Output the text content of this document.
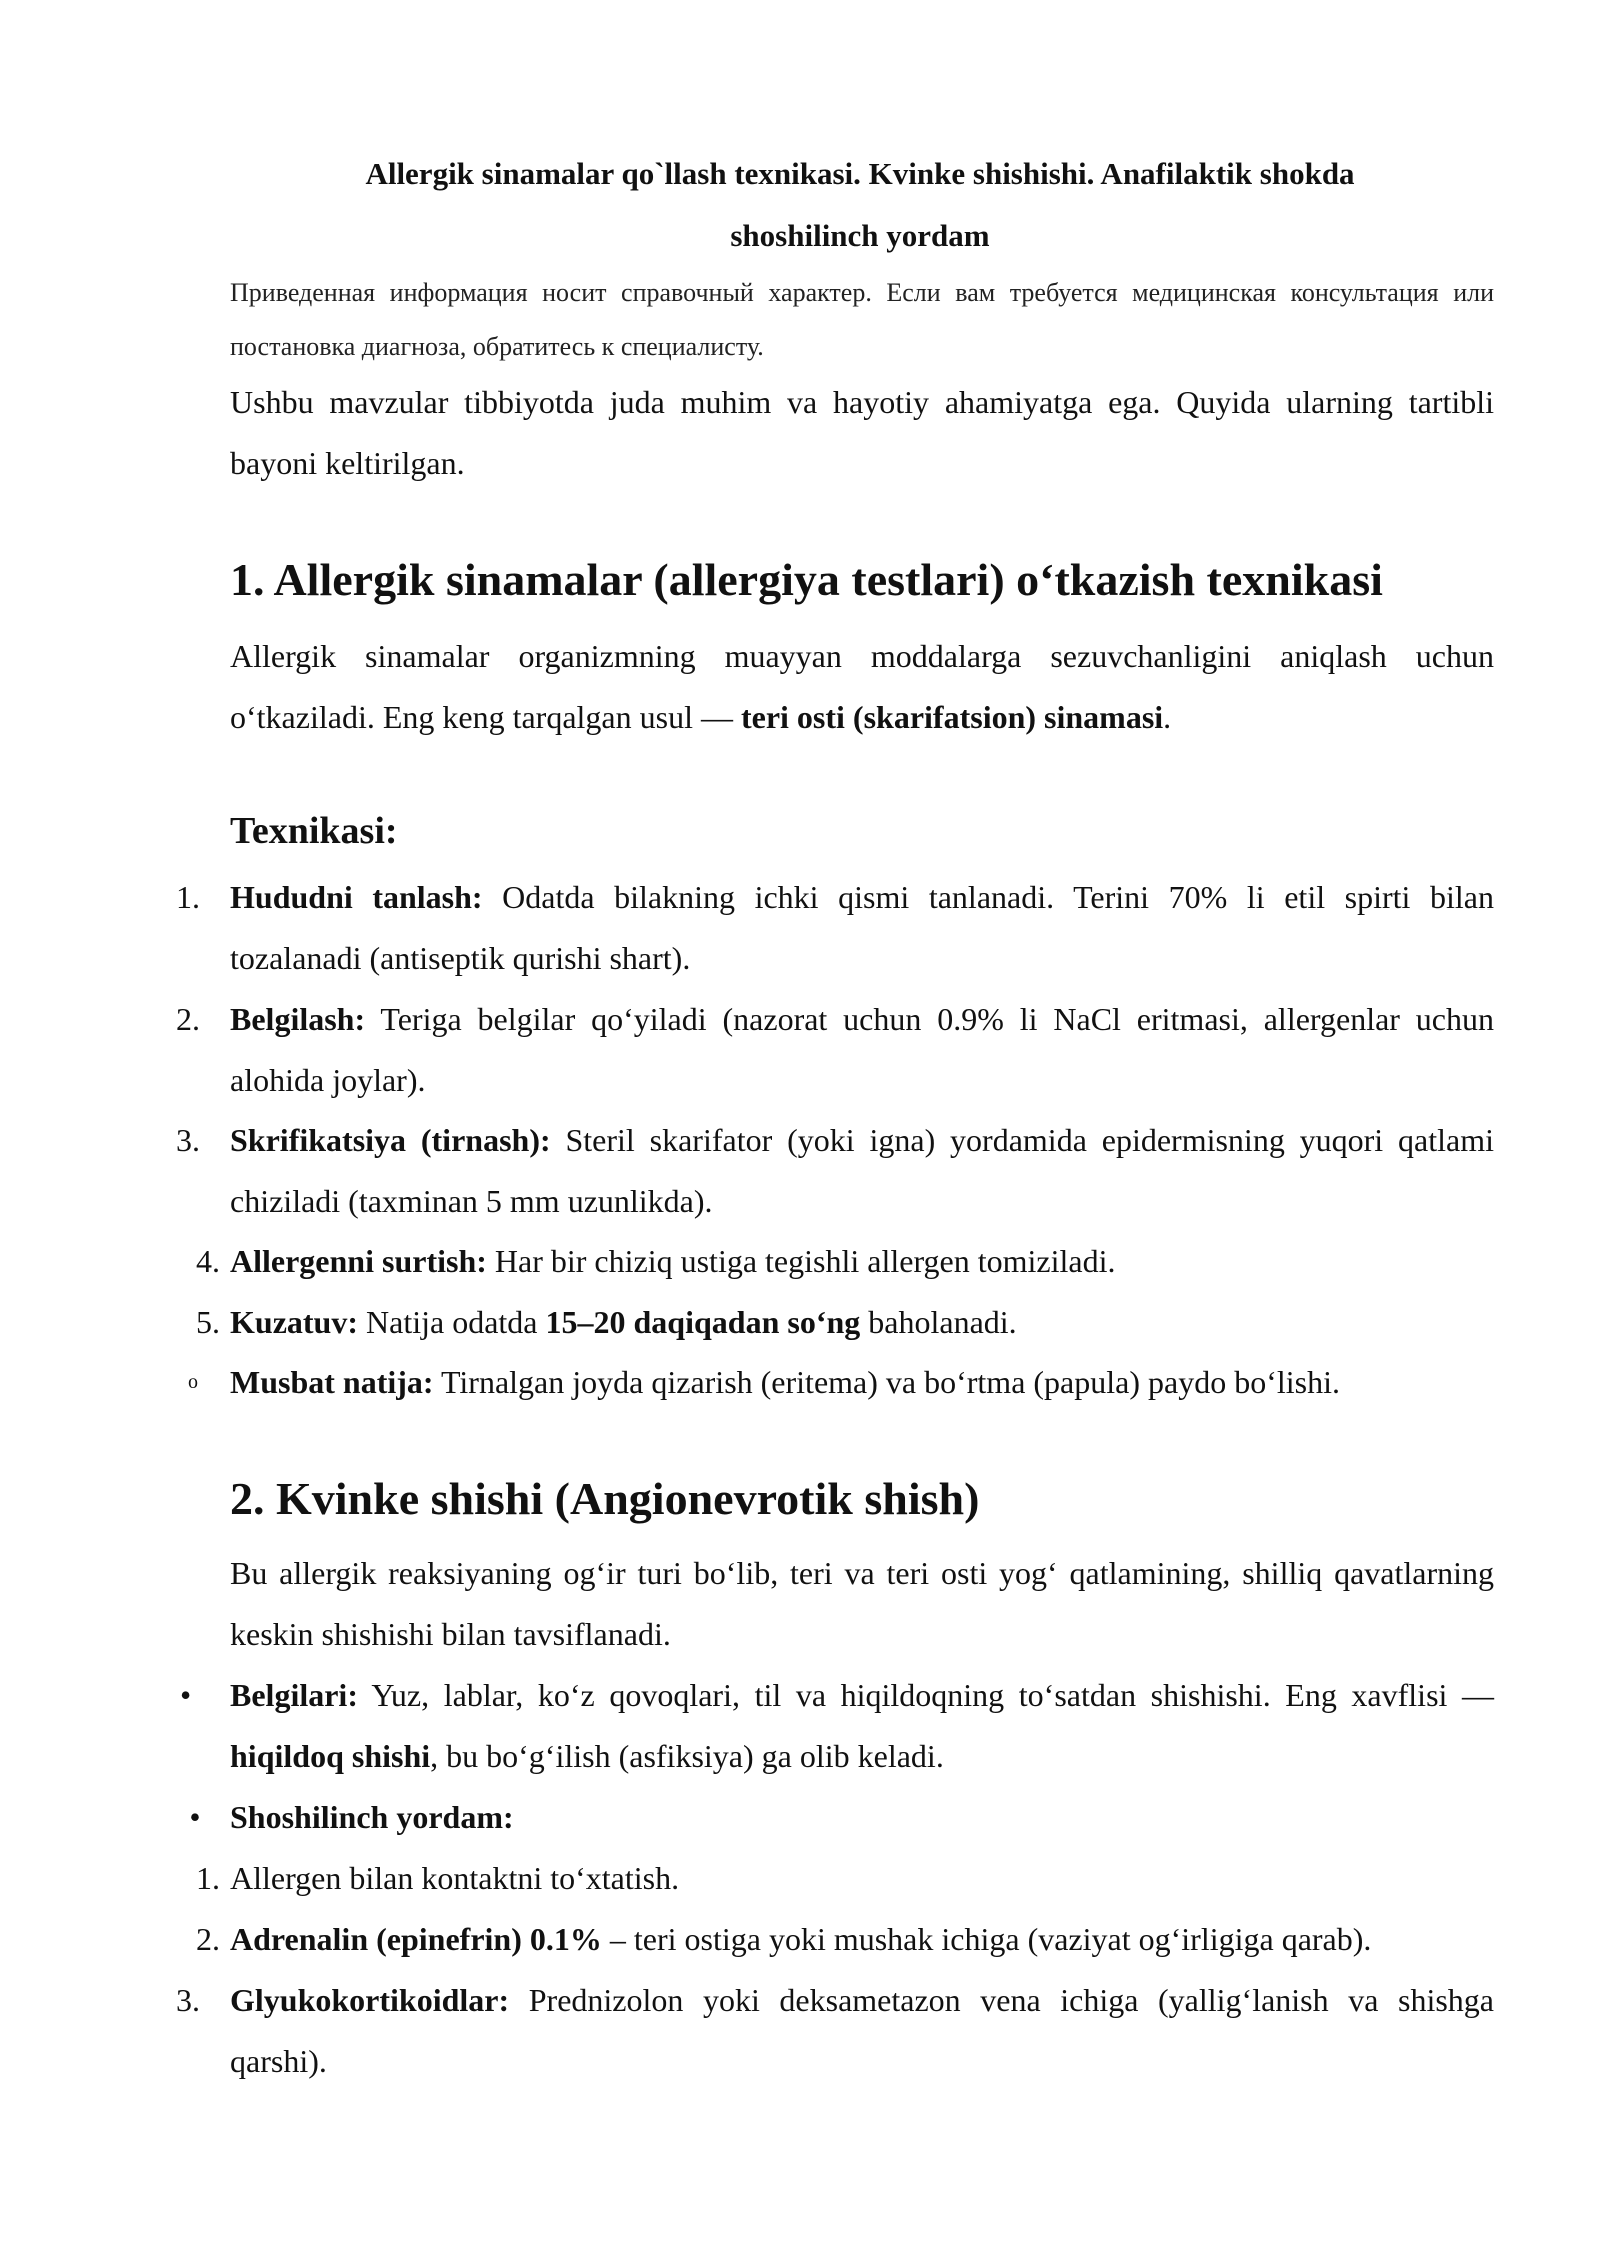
Allergik sinamalar qo`llash texnikasi. Kvinke shishishi. Anafilaktik shokda
shoshilinch yordam
Приведенная информация носит справочный характер. Если вам требуется медицинская консультация или постановка диагноза, обратитесь к специалисту.
Ushbu mavzular tibbiyotda juda muhim va hayotiy ahamiyatga ega. Quyida ularning tartibli bayoni keltirilgan.
1. Allergik sinamalar (allergiya testlari) o‘tkazish texnikasi
Allergik sinamalar organizmning muayyan moddalarga sezuvchanligini aniqlash uchun o‘tkaziladi. Eng keng tarqalgan usul — teri osti (skarifatsion) sinamasi.
Texnikasi:
1. Hududni tanlash: Odatda bilakning ichki qismi tanlanadi. Terini 70% li etil spirti bilan tozalanadi (antiseptik qurishi shart).
2. Belgilash: Teriga belgilar qo‘yiladi (nazorat uchun 0.9% li NaCl eritmasi, allergenlar uchun alohida joylar).
3. Skrifikatsiya (tirnash): Steril skarifator (yoki igna) yordamida epidermisning yuqori qatlami chiziladi (taxminan 5 mm uzunlikda).
4. Allergenni surtish: Har bir chiziq ustiga tegishli allergen tomiziladi.
5. Kuzatuv: Natija odatda 15–20 daqiqadan so‘ng baholanadi.
o	Musbat natija: Tirnalgan joyda qizarish (eritema) va bo‘rtma (papula) paydo bo‘lishi.
2. Kvinke shishi (Angionevrotik shish)
Bu allergik reaksiyaning og‘ir turi bo‘lib, teri va teri osti yog‘ qatlamining, shilliq qavatlarning keskin shishishi bilan tavsiflanadi.
•	Belgilari: Yuz, lablar, ko‘z qovoqlari, til va hiqildoqning to‘satdan shishishi. Eng xavflisi — hiqildoq shishi, bu bo‘g‘ilish (asfiksiya) ga olib keladi.
• Shoshilinch yordam:
1. Allergen bilan kontaktni to‘xtatish.
2. Adrenalin (epinefrin) 0.1% – teri ostiga yoki mushak ichiga (vaziyat og‘irligiga qarab).
3. Glyukokortikoidlar: Prednizolon yoki deksametazon vena ichiga (yallig‘lanish va shishga qarshi).
